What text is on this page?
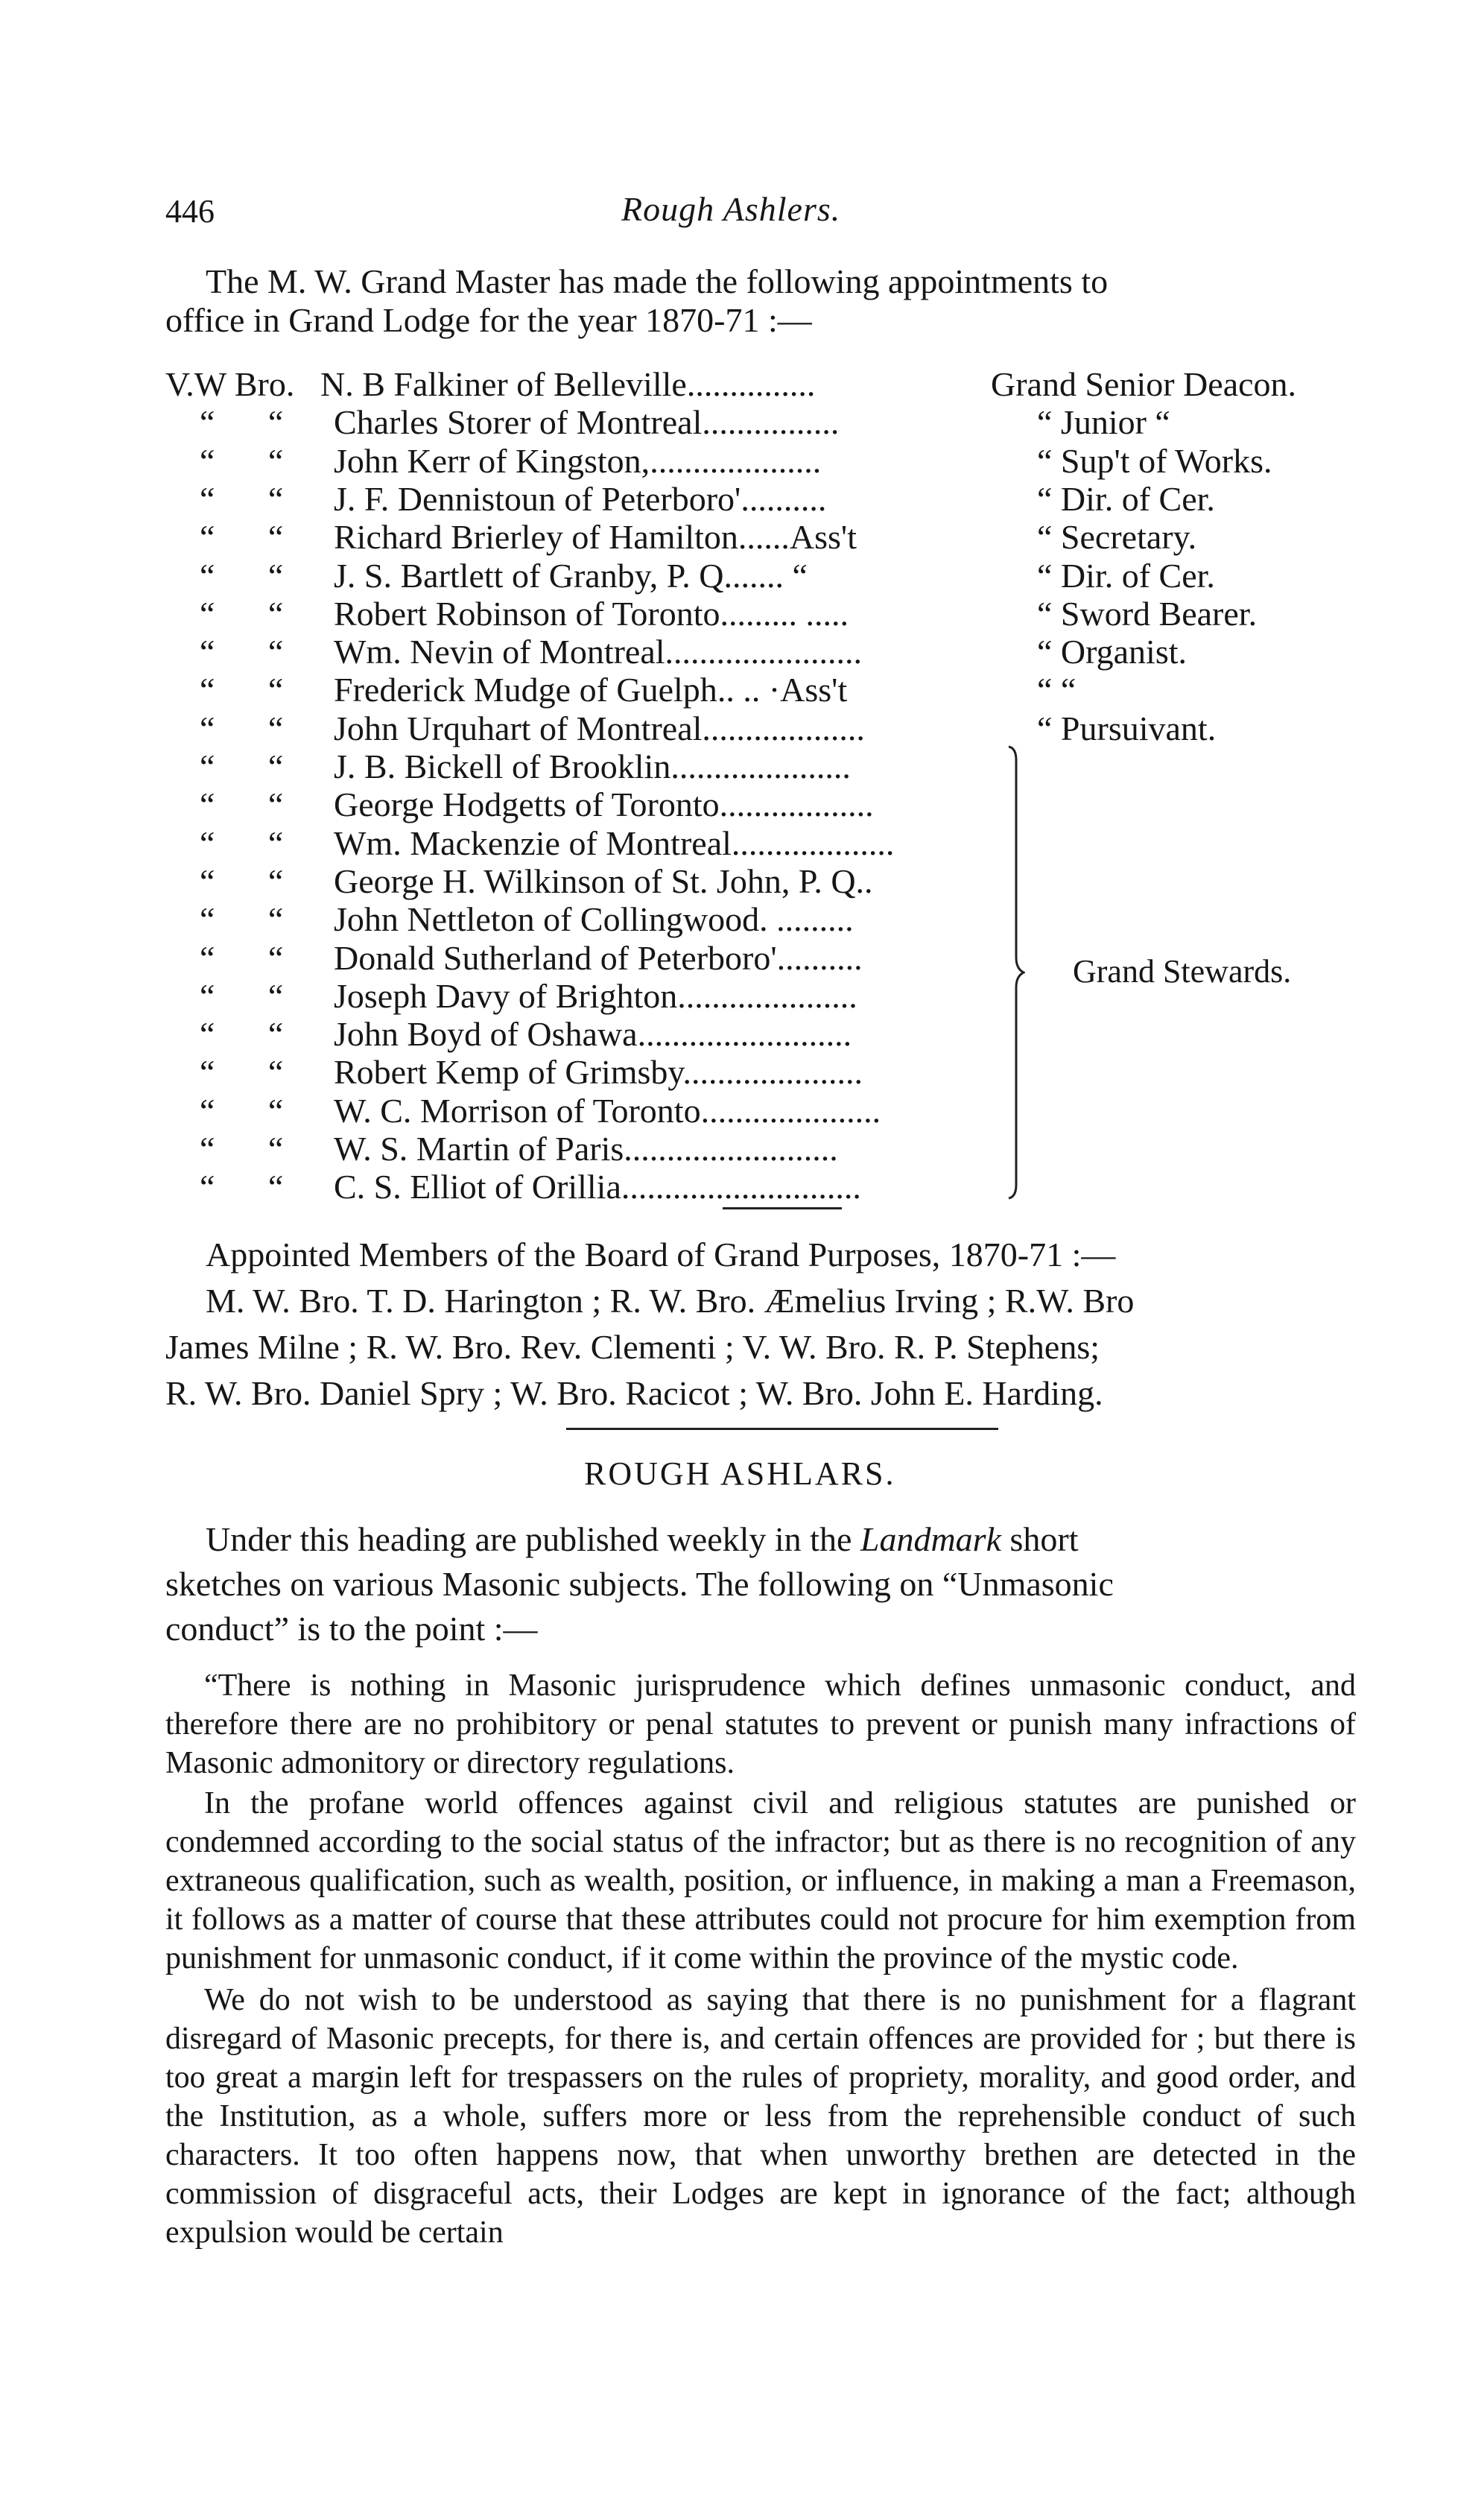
446	Rough Ashlers.
The M. W. Grand Master has made the following appointments to
office in Grand Lodge for the year 1870-71 :—
V.W Bro. N. B Falkiner of Belleville...............	Grand Senior Deacon.
“ “ Charles Storer of Montreal................	“ Junior “
“ “ John Kerr of Kingston,....................	“ Sup't of Works.
“ “ J. F. Dennistoun of Peterboro'..........	“ Dir. of Cer.
“ “ Richard Brierley of Hamilton......Ass't	“ Secretary.
“ “ J. S. Bartlett of Granby, P. Q....... “	“ Dir. of Cer.
“ “ Robert Robinson of Toronto......... .....	“ Sword Bearer.
“ “ Wm. Nevin of Montreal.......................	“ Organist.
“ “ Frederick Mudge of Guelph.. .. ·Ass't	“ “
“ “ John Urquhart of Montreal...................	“ Pursuivant.
“ “ J. B. Bickell of Brooklin.....................
“ “ George Hodgetts of Toronto..................
“ “ Wm. Mackenzie of Montreal...................
“ “ George H. Wilkinson of St. John, P. Q..
“ “ John Nettleton of Collingwood. .........
“ “ Donald Sutherland of Peterboro'..........
“ “ Joseph Davy of Brighton.....................
“ “ John Boyd of Oshawa.........................
“ “ Robert Kemp of Grimsby.....................
“ “ W. C. Morrison of Toronto.....................
“ “ W. S. Martin of Paris.........................
“ “ C. S. Elliot of Orillia............................
Grand Stewards.
Appointed Members of the Board of Grand Purposes, 1870-71 :—
M. W. Bro. T. D. Harington ; R. W. Bro. Æmelius Irving ; R.W. Bro
James Milne ; R. W. Bro. Rev. Clementi ; V. W. Bro. R. P. Stephens;
R. W. Bro. Daniel Spry ; W. Bro. Racicot ; W. Bro. John E. Harding.
ROUGH ASHLARS.
Under this heading are published weekly in the Landmark short
sketches on various Masonic subjects. The following on “Unmasonic
conduct” is to the point :—

“There is nothing in Masonic jurisprudence which defines unmasonic conduct, and therefore there are no prohibitory or penal statutes to prevent or punish many infractions of Masonic admonitory or directory regulations.

In the profane world offences against civil and religious statutes are punished or condemned according to the social status of the infractor; but as there is no recognition of any extraneous qualification, such as wealth, position, or influence, in making a man a Freemason, it follows as a matter of course that these attributes could not procure for him exemption from punishment for unmasonic conduct, if it come within the province of the mystic code.

We do not wish to be understood as saying that there is no punishment for a flagrant disregard of Masonic precepts, for there is, and certain offences are provided for ; but there is too great a margin left for trespassers on the rules of propriety, morality, and good order, and the Institution, as a whole, suffers more or less from the reprehensible conduct of such characters. It too often happens now, that when unworthy brethen are detected in the commission of disgraceful acts, their Lodges are kept in ignorance of the fact; although expulsion would be certain
